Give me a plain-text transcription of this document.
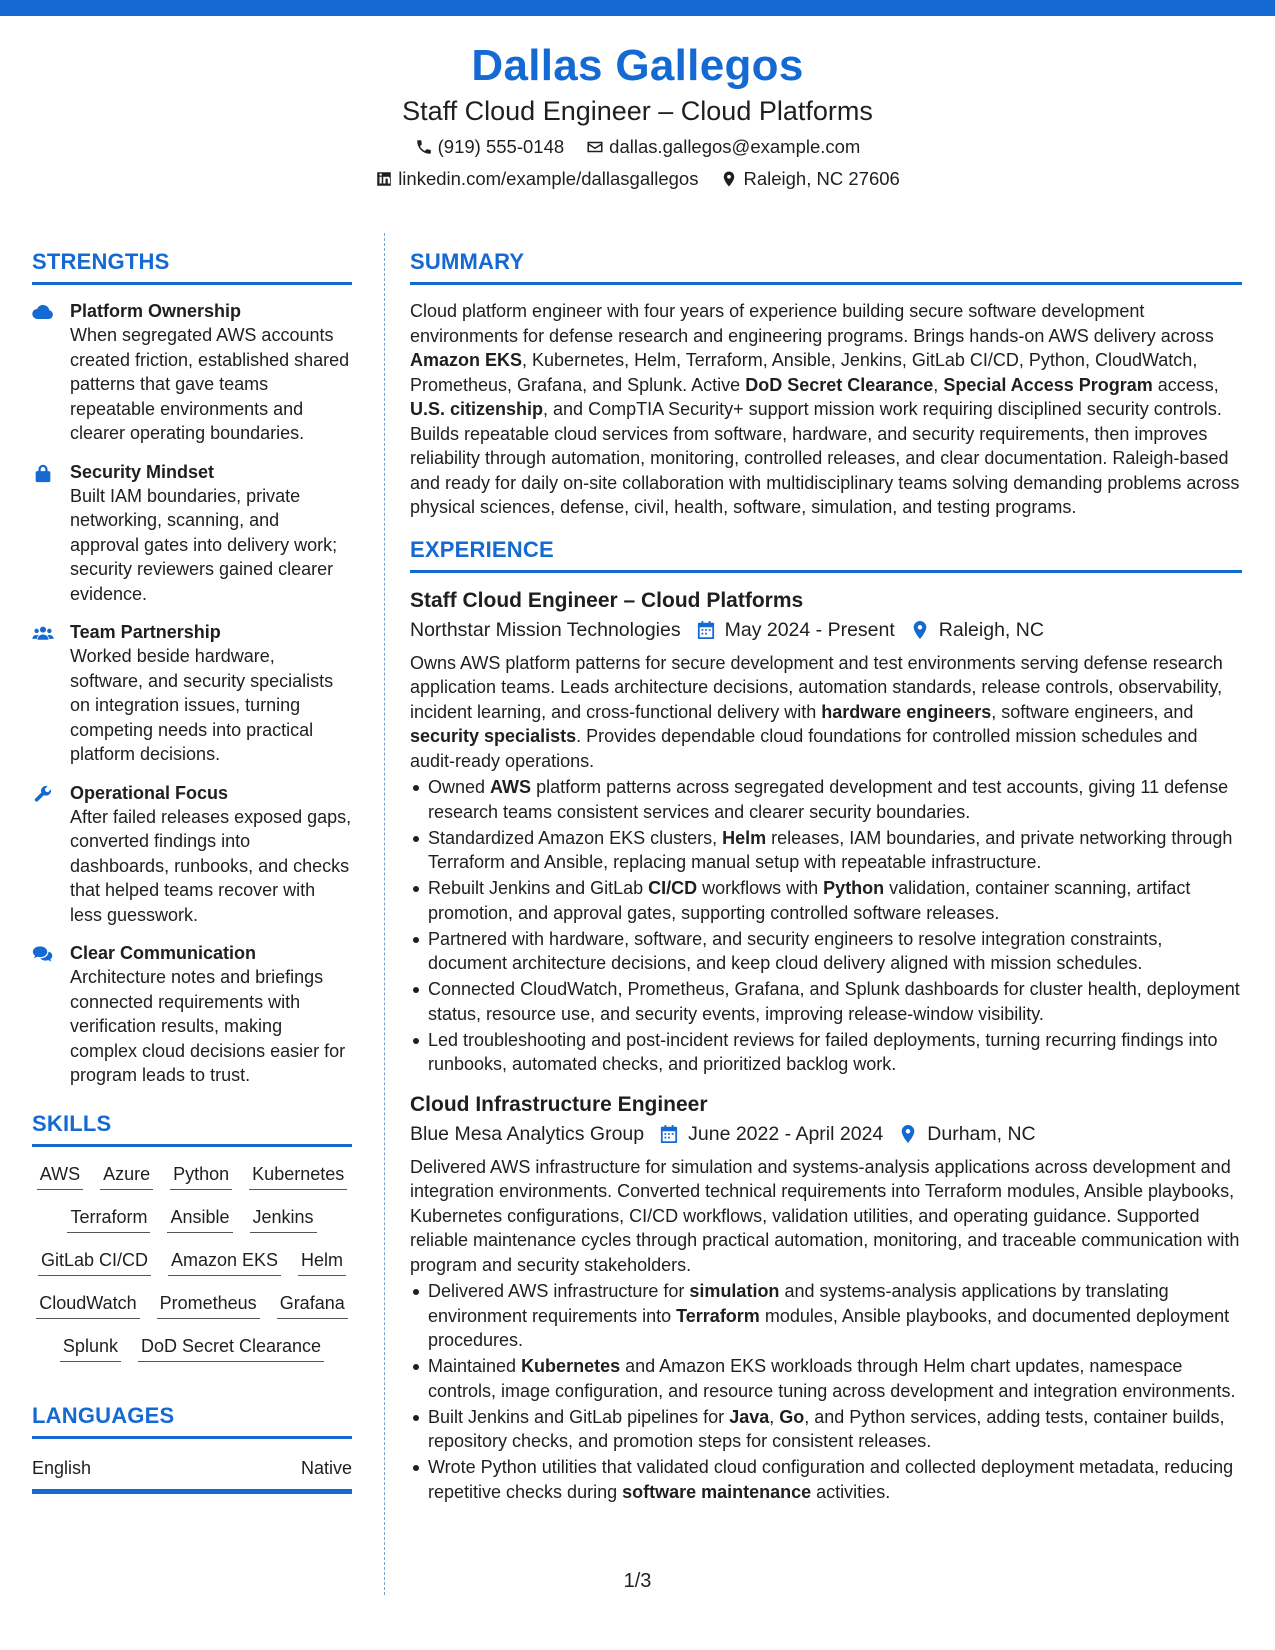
Dallas Gallegos
Staff Cloud Engineer – Cloud Platforms
(919) 555-0148 dallas.gallegos@example.com
linkedin.com/example/dallasgallegos Raleigh, NC 27606
STRENGTHS
Platform Ownership
When segregated AWS accounts created friction, established shared patterns that gave teams repeatable environments and clearer operating boundaries.
Security Mindset
Built IAM boundaries, private networking, scanning, and approval gates into delivery work; security reviewers gained clearer evidence.
Team Partnership
Worked beside hardware, software, and security specialists on integration issues, turning competing needs into practical platform decisions.
Operational Focus
After failed releases exposed gaps, converted findings into dashboards, runbooks, and checks that helped teams recover with less guesswork.
Clear Communication
Architecture notes and briefings connected requirements with verification results, making complex cloud decisions easier for program leads to trust.
SKILLS
AWS Azure Python Kubernetes
Terraform Ansible Jenkins
GitLab CI/CD Amazon EKS Helm
CloudWatch Prometheus Grafana
Splunk DoD Secret Clearance
LANGUAGES
English	Native
SUMMARY
Cloud platform engineer with four years of experience building secure software development environments for defense research and engineering programs. Brings hands-on AWS delivery across Amazon EKS, Kubernetes, Helm, Terraform, Ansible, Jenkins, GitLab CI/CD, Python, CloudWatch, Prometheus, Grafana, and Splunk. Active DoD Secret Clearance, Special Access Program access, U.S. citizenship, and CompTIA Security+ support mission work requiring disciplined security controls. Builds repeatable cloud services from software, hardware, and security requirements, then improves reliability through automation, monitoring, controlled releases, and clear documentation. Raleigh-based and ready for daily on-site collaboration with multidisciplinary teams solving demanding problems across physical sciences, defense, civil, health, software, simulation, and testing programs.
EXPERIENCE
Staff Cloud Engineer – Cloud Platforms
Northstar Mission Technologies May 2024 - Present Raleigh, NC
Owns AWS platform patterns for secure development and test environments serving defense research application teams. Leads architecture decisions, automation standards, release controls, observability, incident learning, and cross-functional delivery with hardware engineers, software engineers, and security specialists. Provides dependable cloud foundations for controlled mission schedules and audit-ready operations.
Owned AWS platform patterns across segregated development and test accounts, giving 11 defense research teams consistent services and clearer security boundaries.
Standardized Amazon EKS clusters, Helm releases, IAM boundaries, and private networking through Terraform and Ansible, replacing manual setup with repeatable infrastructure.
Rebuilt Jenkins and GitLab CI/CD workflows with Python validation, container scanning, artifact promotion, and approval gates, supporting controlled software releases.
Partnered with hardware, software, and security engineers to resolve integration constraints, document architecture decisions, and keep cloud delivery aligned with mission schedules.
Connected CloudWatch, Prometheus, Grafana, and Splunk dashboards for cluster health, deployment status, resource use, and security events, improving release-window visibility.
Led troubleshooting and post-incident reviews for failed deployments, turning recurring findings into runbooks, automated checks, and prioritized backlog work.
Cloud Infrastructure Engineer
Blue Mesa Analytics Group June 2022 - April 2024 Durham, NC
Delivered AWS infrastructure for simulation and systems-analysis applications across development and integration environments. Converted technical requirements into Terraform modules, Ansible playbooks, Kubernetes configurations, CI/CD workflows, validation utilities, and operating guidance. Supported reliable maintenance cycles through practical automation, monitoring, and traceable communication with program and security stakeholders.
Delivered AWS infrastructure for simulation and systems-analysis applications by translating environment requirements into Terraform modules, Ansible playbooks, and documented deployment procedures.
Maintained Kubernetes and Amazon EKS workloads through Helm chart updates, namespace controls, image configuration, and resource tuning across development and integration environments.
Built Jenkins and GitLab pipelines for Java, Go, and Python services, adding tests, container builds, repository checks, and promotion steps for consistent releases.
Wrote Python utilities that validated cloud configuration and collected deployment metadata, reducing repetitive checks during software maintenance activities.
1/3
